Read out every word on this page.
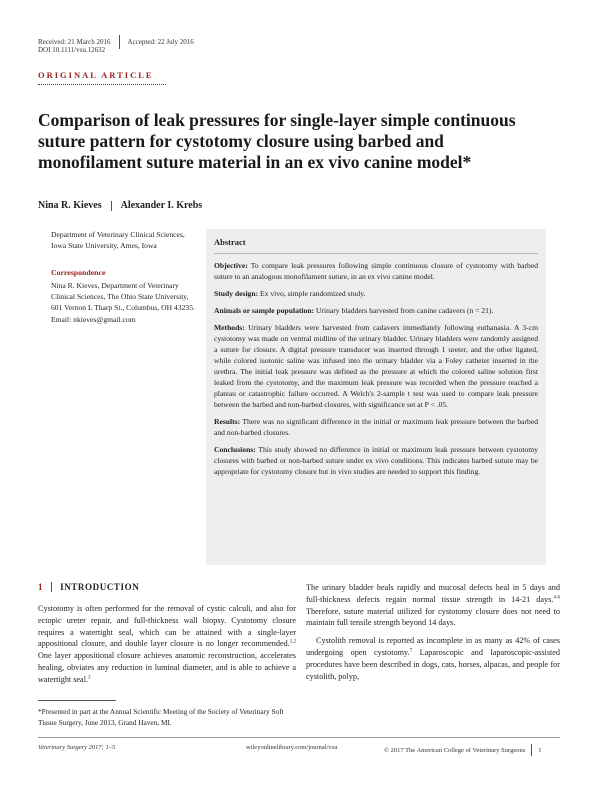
Received: 21 March 2016 Accepted: 22 July 2016
DOI 10.1111/vsu.12632
ORIGINAL ARTICLE
Comparison of leak pressures for single-layer simple continuous suture pattern for cystotomy closure using barbed and monofilament suture material in an ex vivo canine model*
Nina R. Kieves Alexander I. Krebs
Department of Veterinary Clinical Sciences, Iowa State University, Ames, Iowa
Correspondence
Nina R. Kieves, Department of Veterinary Clinical Sciences, The Ohio State University, 601 Vernon L Tharp St., Columbus, OH 43235. Email: nkieves@gmail.com
Abstract

Objective: To compare leak pressures following simple continuous closure of cystotomy with barbed suture to an analogous monofilament suture, in an ex vivo canine model.

Study design: Ex vivo, simple randomized study.

Animals or sample population: Urinary bladders harvested from canine cadavers (n = 21).

Methods: Urinary bladders were harvested from cadavers immediately following euthanasia. A 3-cm cystotomy was made on ventral midline of the urinary bladder. Urinary bladders were randomly assigned a suture for closure. A digital pressure transducer was inserted through 1 ureter, and the other ligated, while colored isotonic saline was infused into the urinary bladder via a Foley catheter inserted in the urethra. The initial leak pressure was defined as the pressure at which the colored saline solution first leaked from the cystotomy, and the maximum leak pressure was recorded when the pressure reached a plateau or catastrophic failure occurred. A Welch's 2-sample t test was used to compare leak pressure between the barbed and non-barbed closures, with significance set at P < .05.

Results: There was no significant difference in the initial or maximum leak pressure between the barbed and non-barbed closures.

Conclusions: This study showed no difference in initial or maximum leak pressure between cystotomy closures with barbed or non-barbed suture under ex vivo conditions. This indicates barbed suture may be appropriate for cystotomy closure but in vivo studies are needed to support this finding.

1 INTRODUCTION
Cystotomy is often performed for the removal of cystic calculi, and also for ectopic ureter repair, and full-thickness wall biopsy. Cystotomy closure requires a watertight seal, which can be attained with a single-layer appositional closure, and double layer closure is no longer recommended.$^{1,2}$ One layer appositional closure achieves anatomic reconstruction, accelerates healing, obviates any reduction in luminal diameter, and is able to achieve a watertight seal.$^3$
The urinary bladder heals rapidly and mucosal defects heal in 5 days and full-thickness defects regain normal tissue strength in 14-21 days.$^{4-6}$ Therefore, suture material utilized for cystotomy closure does not need to maintain full tensile strength beyond 14 days.
Cystolith removal is reported as incomplete in as many as 42% of cases undergoing open cystotomy.$^7$ Laparoscopic and laparoscopic-assisted procedures have been described in dogs, cats, horses, alpacas, and people for cystolith, polyp,
*Presented in part at the Annual Scientific Meeting of the Society of Veterinary Soft Tissue Surgery, June 2013, Grand Haven, MI.
Veterinary Surgery 2017; 1–5	wileyonlinelibrary.com/journal/vsu	© 2017 The American College of Veterinary Surgeons 1
